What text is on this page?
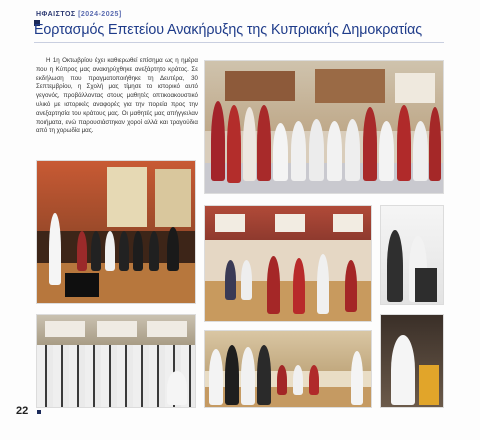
ΗΦΑΙΣΤΟΣ [2024-2025]
Εορτασμός Επετείου Ανακήρυξης της Κυπριακής Δημοκρατίας
Η 1η Οκτωβρίου έχει καθιερωθεί επίσημα ως η ημέρα που η Κύπρος μας ανακηρύχθηκε ανεξάρτητο κράτος. Σε εκδήλωση που πραγματοποιήθηκε τη Δευτέρα, 30 Σεπτεμβρίου, η Σχολή μας τίμησε το ιστορικό αυτό γεγονός, προβάλλοντας στους μαθητές οπτικοακουστικό υλικό με ιστορικές αναφορές για την πορεία προς την ανεξαρτησία του κράτους μας. Οι μαθητές μας απήγγειλαν ποιήματα, ενώ παρουσιάστηκαν χοροί αλλά και τραγούδια από τη χορωδία μας.
22
